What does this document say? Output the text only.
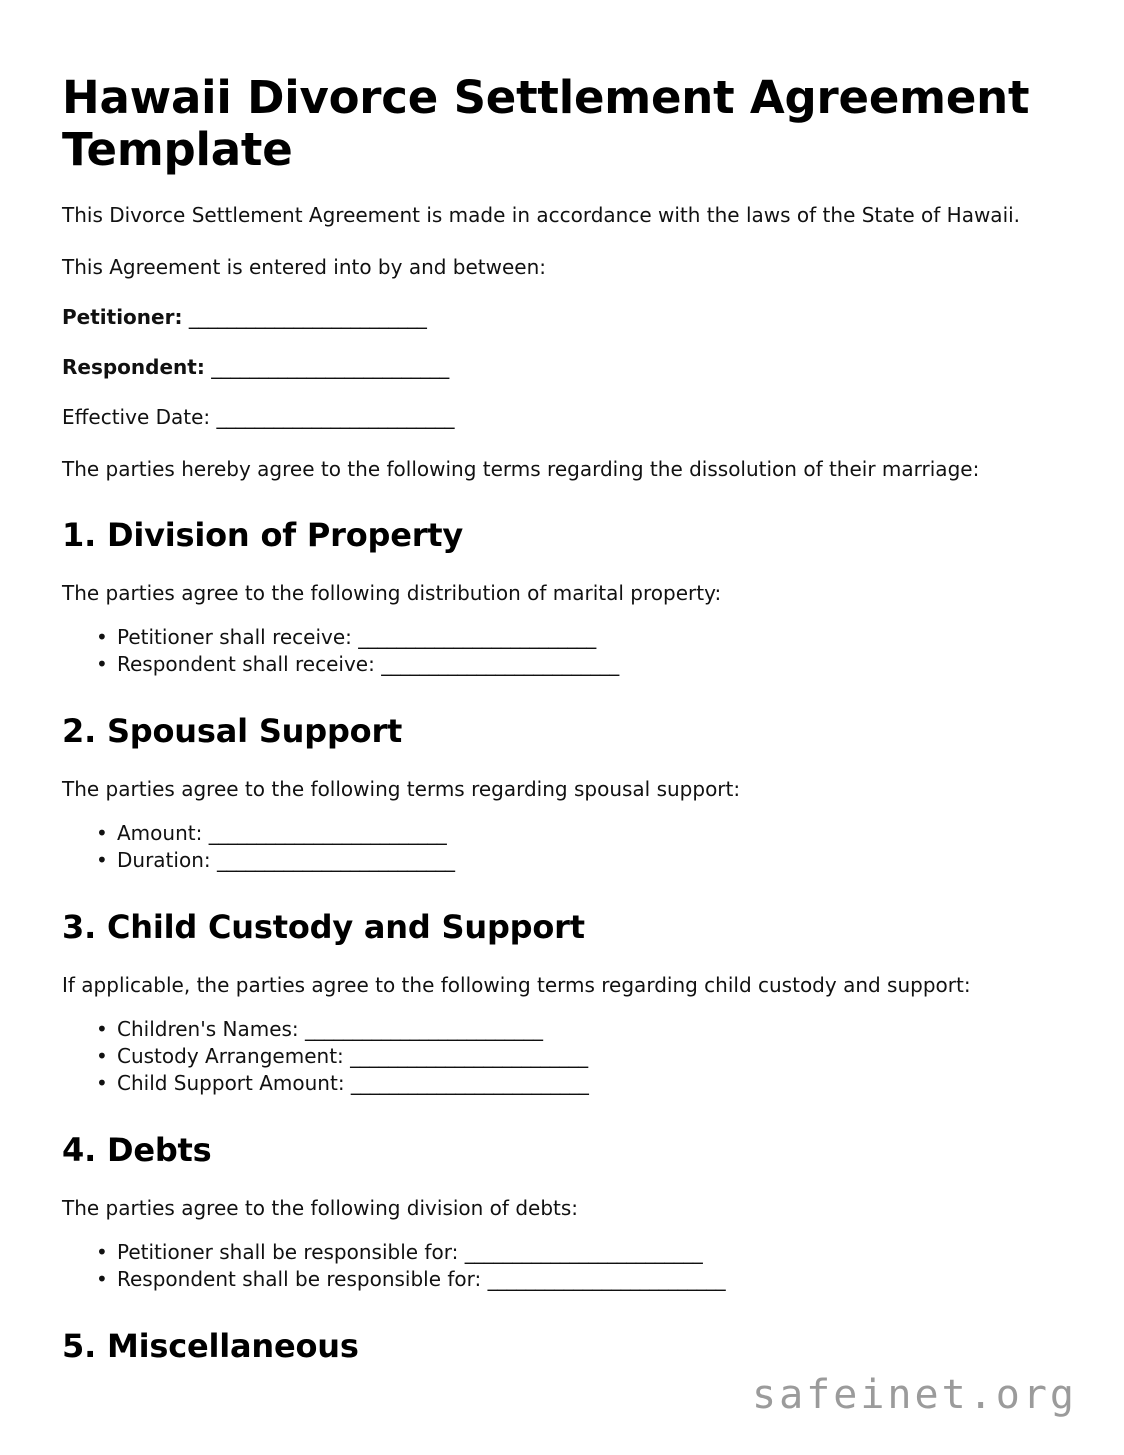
Hawaii Divorce Settlement Agreement Template

This Divorce Settlement Agreement is made in accordance with the laws of the State of Hawaii.

This Agreement is entered into by and between:

Petitioner: _________________________

Respondent: _________________________

Effective Date: _________________________

The parties hereby agree to the following terms regarding the dissolution of their marriage:

1. Division of Property

The parties agree to the following distribution of marital property:

• Petitioner shall receive: _________________________
• Respondent shall receive: _________________________
2. Spousal Support

The parties agree to the following terms regarding spousal support:

• Amount: _________________________
• Duration: _________________________
3. Child Custody and Support

If applicable, the parties agree to the following terms regarding child custody and support:

• Children's Names: _________________________
• Custody Arrangement: _________________________
• Child Support Amount: _________________________
4. Debts

The parties agree to the following division of debts:

• Petitioner shall be responsible for: _________________________
• Respondent shall be responsible for: _________________________
5. Miscellaneous
safeinet.org
